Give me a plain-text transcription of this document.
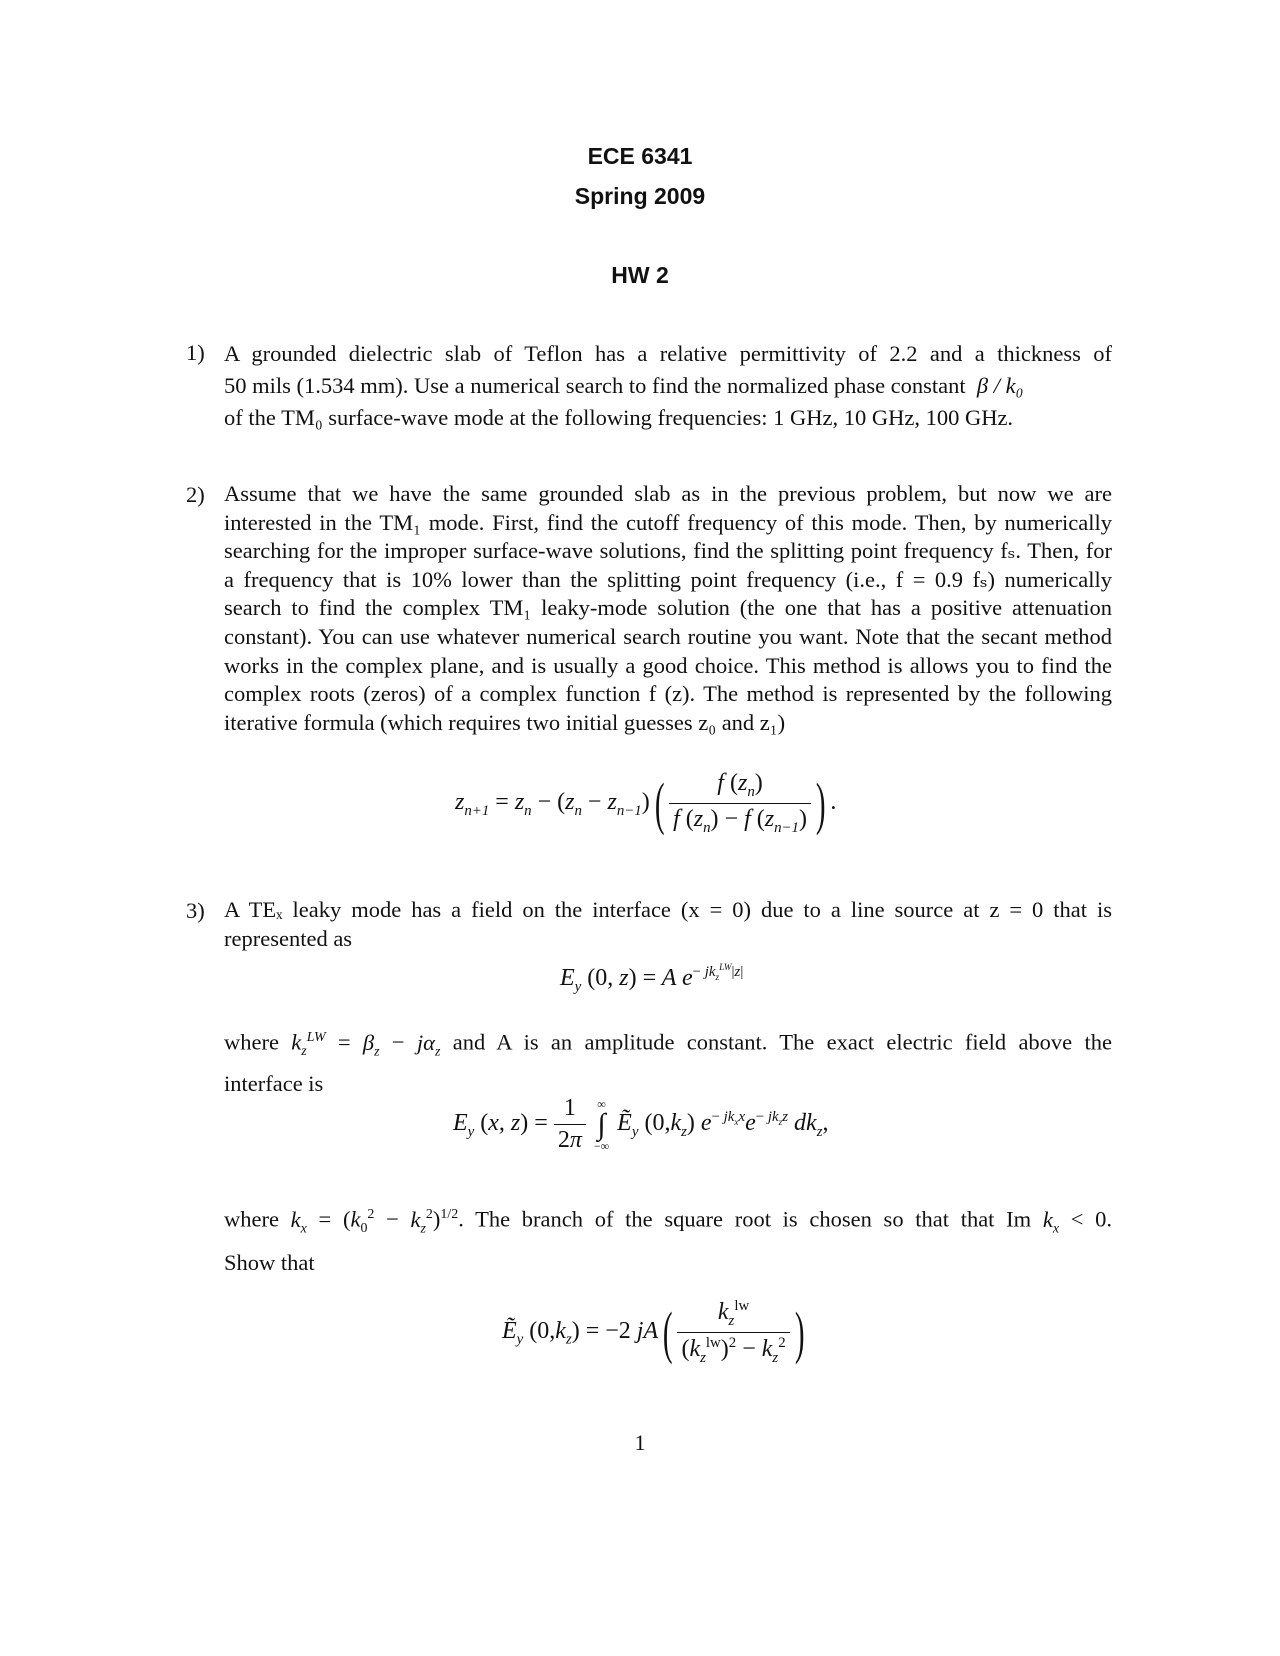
ECE 6341
Spring 2009
HW 2
1) A grounded dielectric slab of Teflon has a relative permittivity of 2.2 and a thickness of
50 mils (1.534 mm). Use a numerical search to find the normalized phase constant β / k₀
of the TM₀ surface-wave mode at the following frequencies: 1 GHz, 10 GHz, 100 GHz.
2) Assume that we have the same grounded slab as in the previous problem, but now we are interested in the TM₁ mode. First, find the cutoff frequency of this mode. Then, by numerically searching for the improper surface-wave solutions, find the splitting point frequency fₛ. Then, for a frequency that is 10% lower than the splitting point frequency (i.e., f = 0.9 fₛ) numerically search to find the complex TM₁ leaky-mode solution (the one that has a positive attenuation constant). You can use whatever numerical search routine you want. Note that the secant method works in the complex plane, and is usually a good choice. This method is allows you to find the complex roots (zeros) of a complex function f (z). The method is represented by the following iterative formula (which requires two initial guesses z₀ and z₁)
$z_{n+1} = z_n - (z_n - z_{n-1})( \frac{f (z_n)}{f (z_n) - f (z_{n-1})}$ ) .
3) A TEₓ leaky mode has a field on the interface (x = 0) due to a line source at z = 0 that is represented as
$E_y$ (0, z) = A $e^{- jk_z^{LW}|z|}$
where $k_z^{LW} = \beta_z - j\alpha_z$ and A is an amplitude constant. The exact electric field above the
interface is
$E_y$ (x, $z) = \frac{1}{2\pi}$
∞
∫
−∞
Ẽ$_y$ $(0,k_z)$ $e^{- jk_xx}e^{- jk_zz}$ $dk_z$,
where $k_x = (k_0^2 - k_z^2)^{1/2}$. The branch of the square root is chosen so that that Im $k_x < 0$.
Show that
Ẽ$_y$ $(0,k_z) = -2$ $jA( \frac{k_z^{lw}}{(k_z^{lw})^2 - k_z^2}$ )
1
